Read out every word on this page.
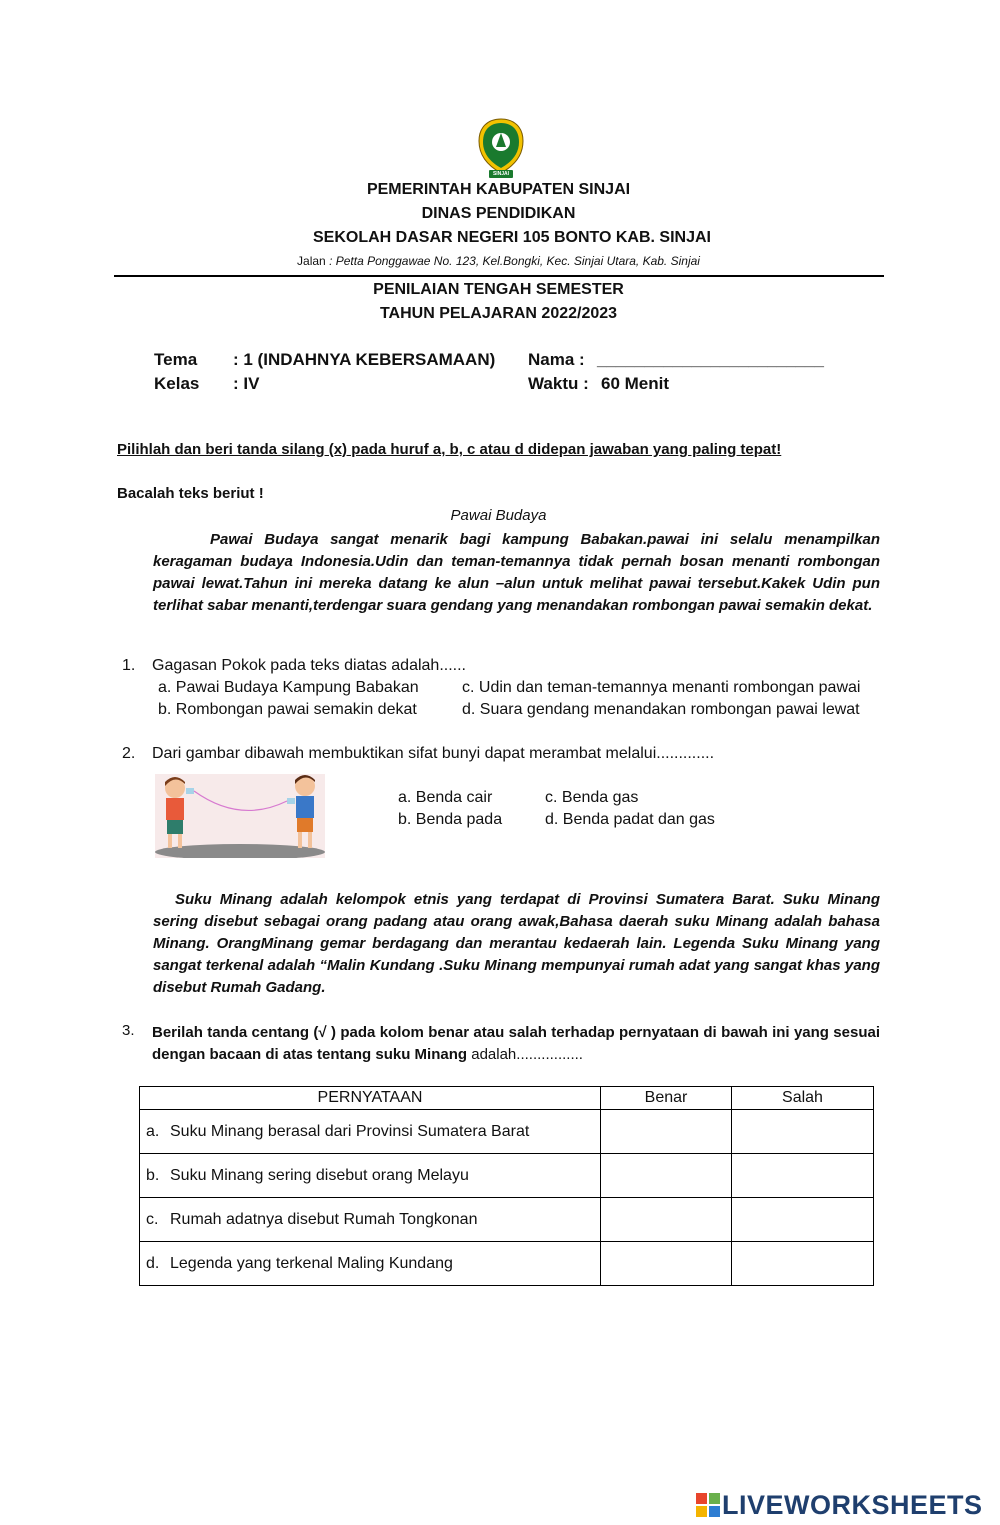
SINJAI
PEMERINTAH KABUPATEN SINJAI
DINAS PENDIDIKAN
SEKOLAH DASAR NEGERI 105 BONTO KAB. SINJAI
Jalan : Petta Ponggawae No. 123, Kel.Bongki, Kec. Sinjai Utara, Kab. Sinjai
PENILAIAN TENGAH SEMESTER
TAHUN PELAJARAN 2022/2023
Tema : 1 (INDAHNYA KEBERSAMAAN) Nama : ________________________
Kelas : IV	Waktu : 60 Menit
Pilihlah dan beri tanda silang (x) pada huruf a, b, c atau d didepan jawaban yang paling tepat!
Bacalah teks beriut !
Pawai Budaya
Pawai Budaya sangat menarik bagi kampung Babakan.pawai ini selalu menampilkan keragaman budaya Indonesia.Udin dan teman-temannya tidak pernah bosan menanti rombongan pawai lewat.Tahun ini mereka datang ke alun –alun untuk melihat pawai tersebut.Kakek Udin pun terlihat sabar menanti,terdengar suara gendang yang menandakan rombongan pawai semakin dekat.
1. Gagasan Pokok pada teks diatas adalah......
a. Pawai Budaya Kampung Babakan
b. Rombongan pawai semakin dekat
c. Udin dan teman-temannya menanti rombongan pawai
d. Suara gendang menandakan rombongan pawai lewat
2. Dari gambar dibawah membuktikan sifat bunyi dapat merambat melalui.............
a. Benda cair
b. Benda pada
c. Benda gas
d. Benda padat dan gas
Suku Minang adalah kelompok etnis yang terdapat di Provinsi Sumatera Barat. Suku Minang sering disebut sebagai orang padang atau orang awak,Bahasa daerah suku Minang adalah bahasa Minang. OrangMinang gemar berdagang dan merantau kedaerah lain. Legenda Suku Minang yang sangat terkenal adalah “Malin Kundang .Suku Minang mempunyai rumah adat yang sangat khas yang disebut Rumah Gadang.
3. Berilah tanda centang (√ ) pada kolom benar atau salah terhadap pernyataan di bawah ini yang sesuai dengan bacaan di atas tentang suku Minang adalah................
PERNYATAAN	Benar	Salah
a. Suku Minang berasal dari Provinsi Sumatera Barat		
b. Suku Minang sering disebut orang Melayu		
c. Rumah adatnya disebut Rumah Tongkonan		
d. Legenda yang terkenal Maling Kundang		
LIVEWORKSHEETS
